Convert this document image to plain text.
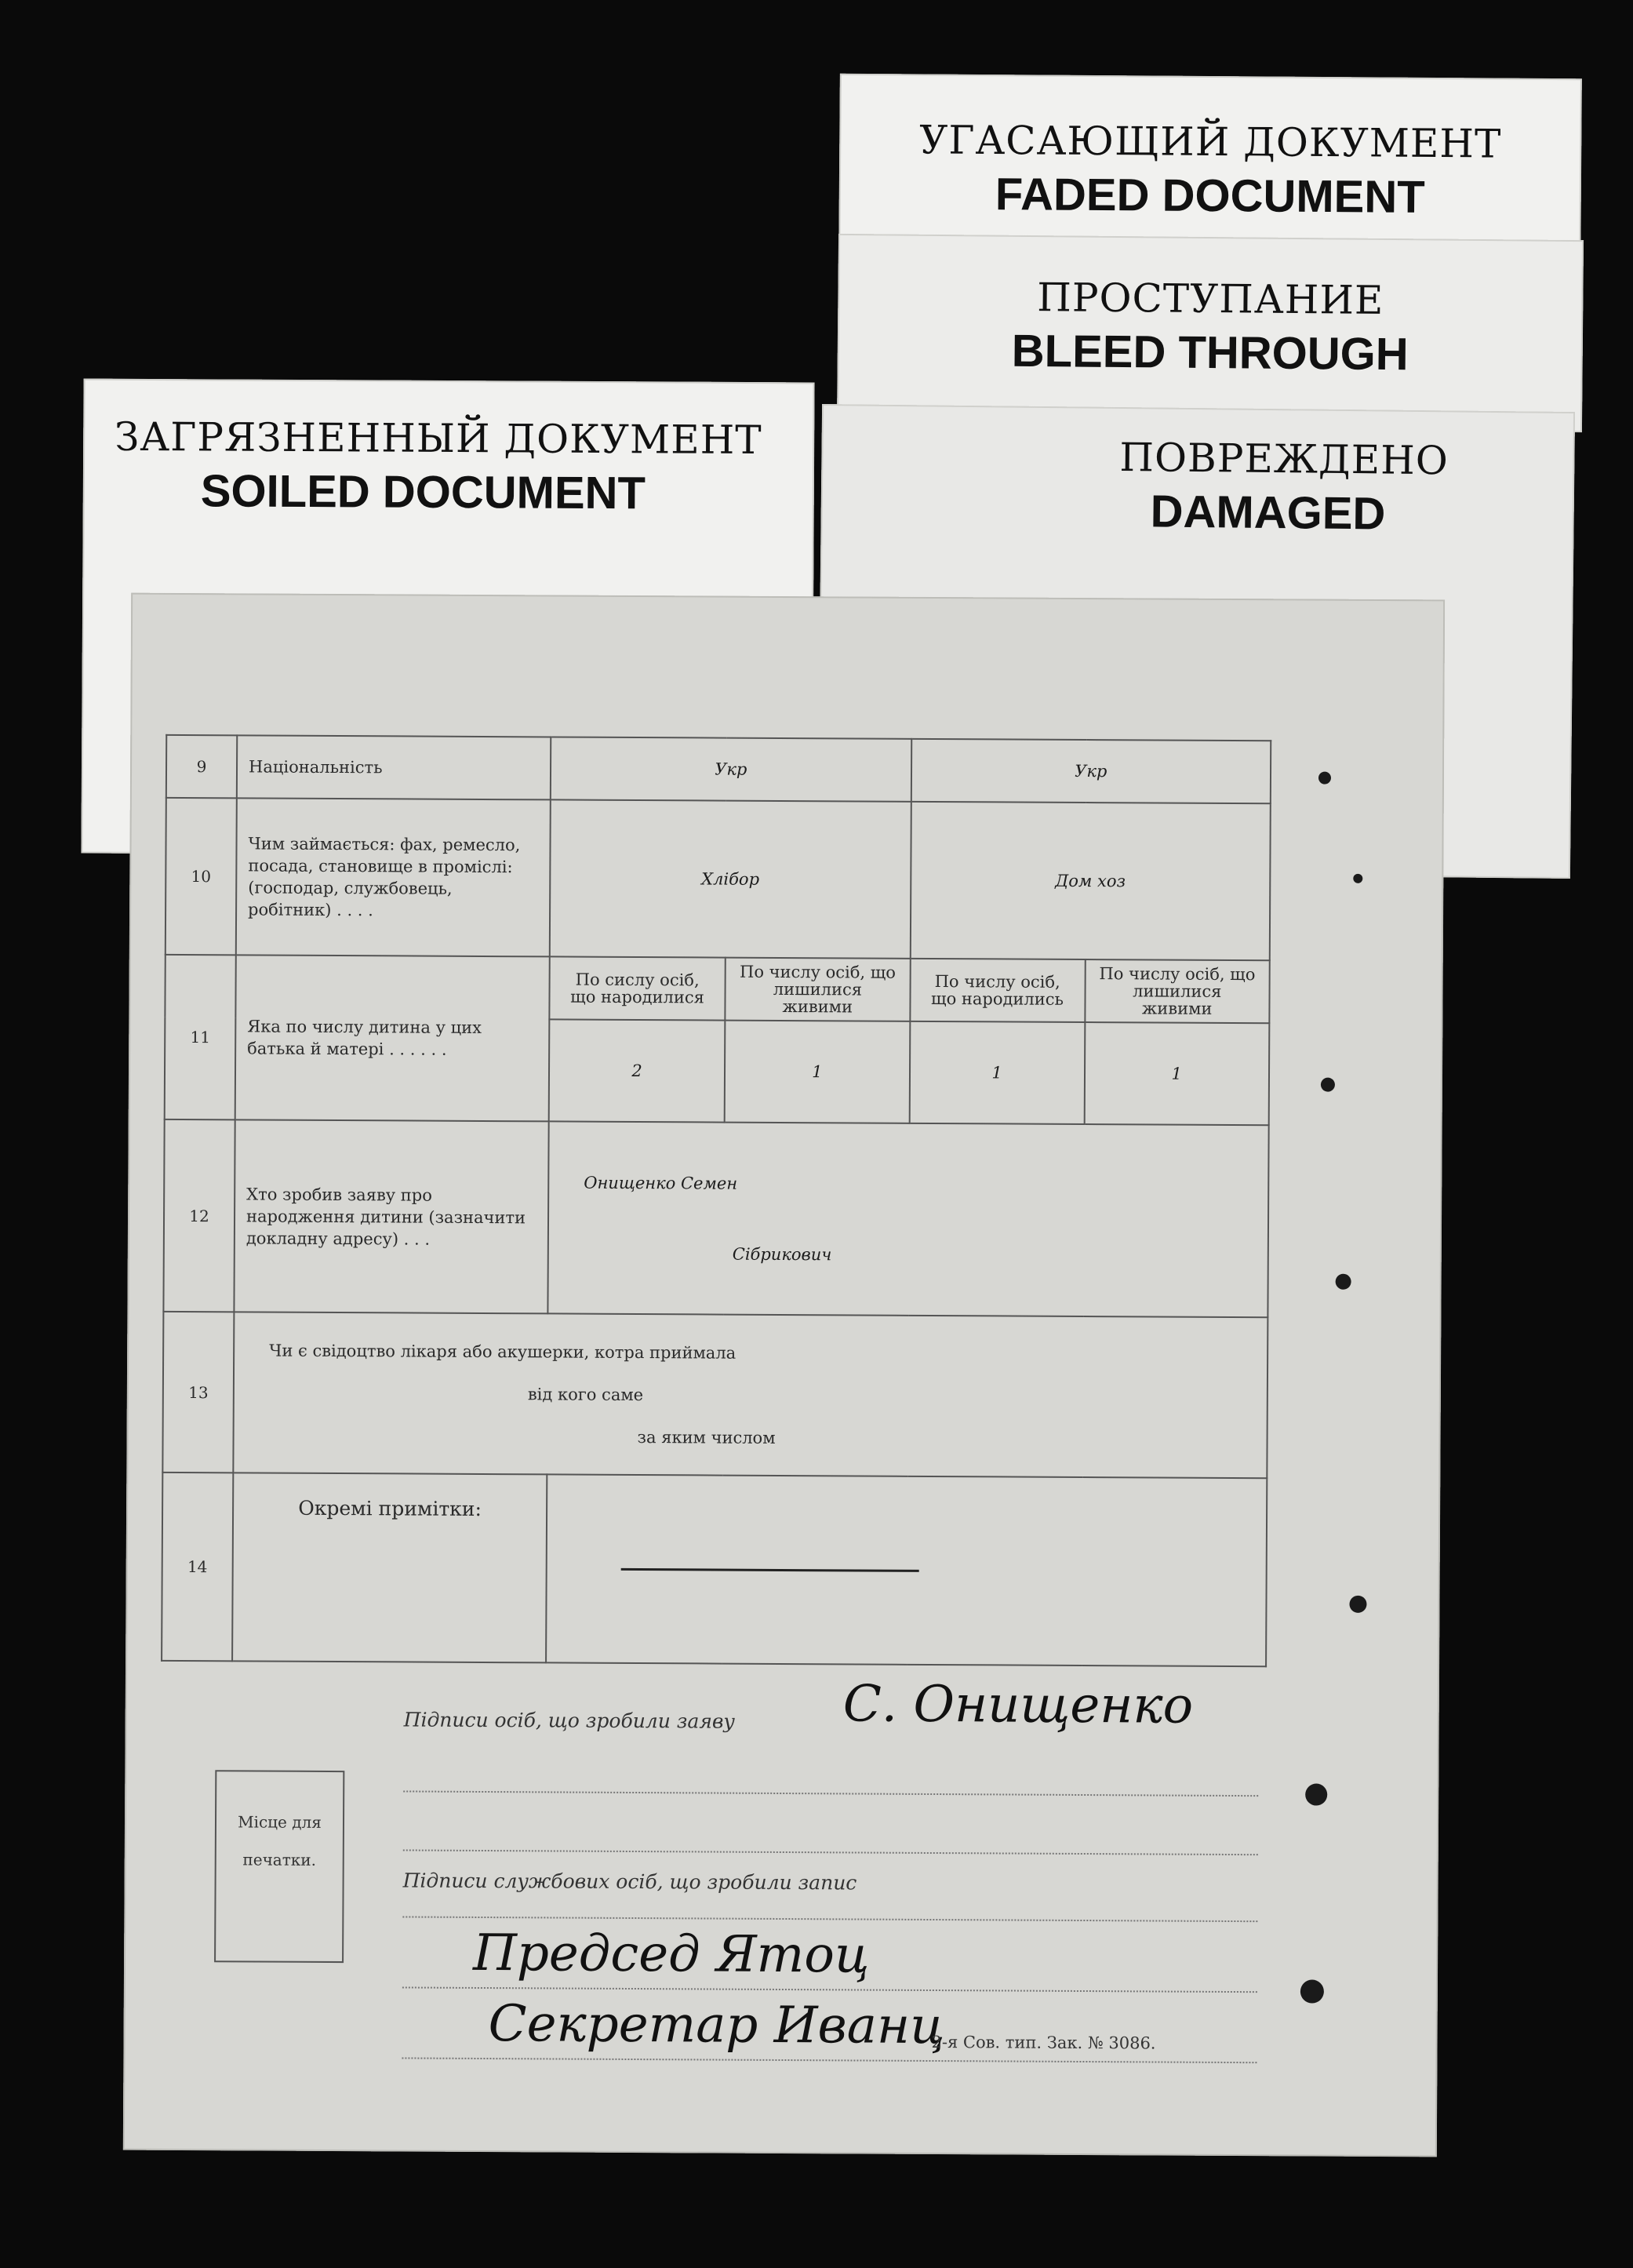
УГАСАЮЩИЙ ДОКУМЕНТ
FADED DOCUMENT
ПРОСТУПАНИЕ
BLEED THROUGH
ЗАГРЯЗНЕННЫЙ ДОКУМЕНТ
SOILED DOCUMENT
ПОВРЕЖДЕНО
DAMAGED
9	Національність	Укр		Укр	
10	Чим займається: фах, ремесло, посада, становище в проміслі: (господар, службовець, робітник) . . . .	Хлібор		Дом хоз	
11	Яка по числу дитина у цих батька й матері . . . . . .	По сислу осіб, що народилися	По числу осіб, що лишилися живими	По числу осіб, що народились	По числу осіб, що лишилися живими
		2	1	1	1
12	Хто зробив заяву про народження дитини (зазначити докладну адресу) . . .	Онищенко Семен
Сібрикович			

13	Чи є свідоцтво лікаря або акушерки, котра приймала
від кого саме
за яким числом				

14	Окремі примітки:				
Підписи осіб, що зробили заяву С. Онищенко
Місце для печатки.
Підписи службових осіб, що зробили запис
Председ Ятоц
Секретар Иванц
2-я Сов. тип. Зак. № 3086.
